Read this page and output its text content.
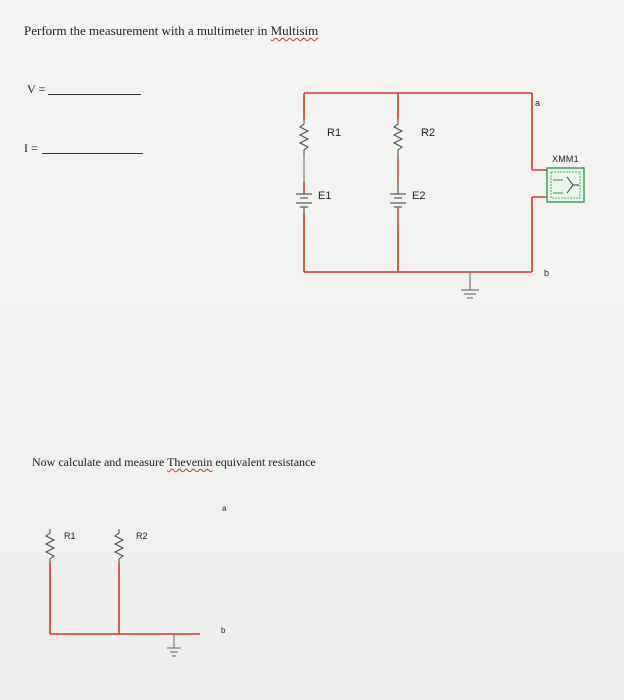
Perform the measurement with a multimeter in Multisim
V =
I =
R1	R2
E1	E2
a
b
XMM1
Now calculate and measure Thevenin equivalent resistance
R1	R2
a
b
